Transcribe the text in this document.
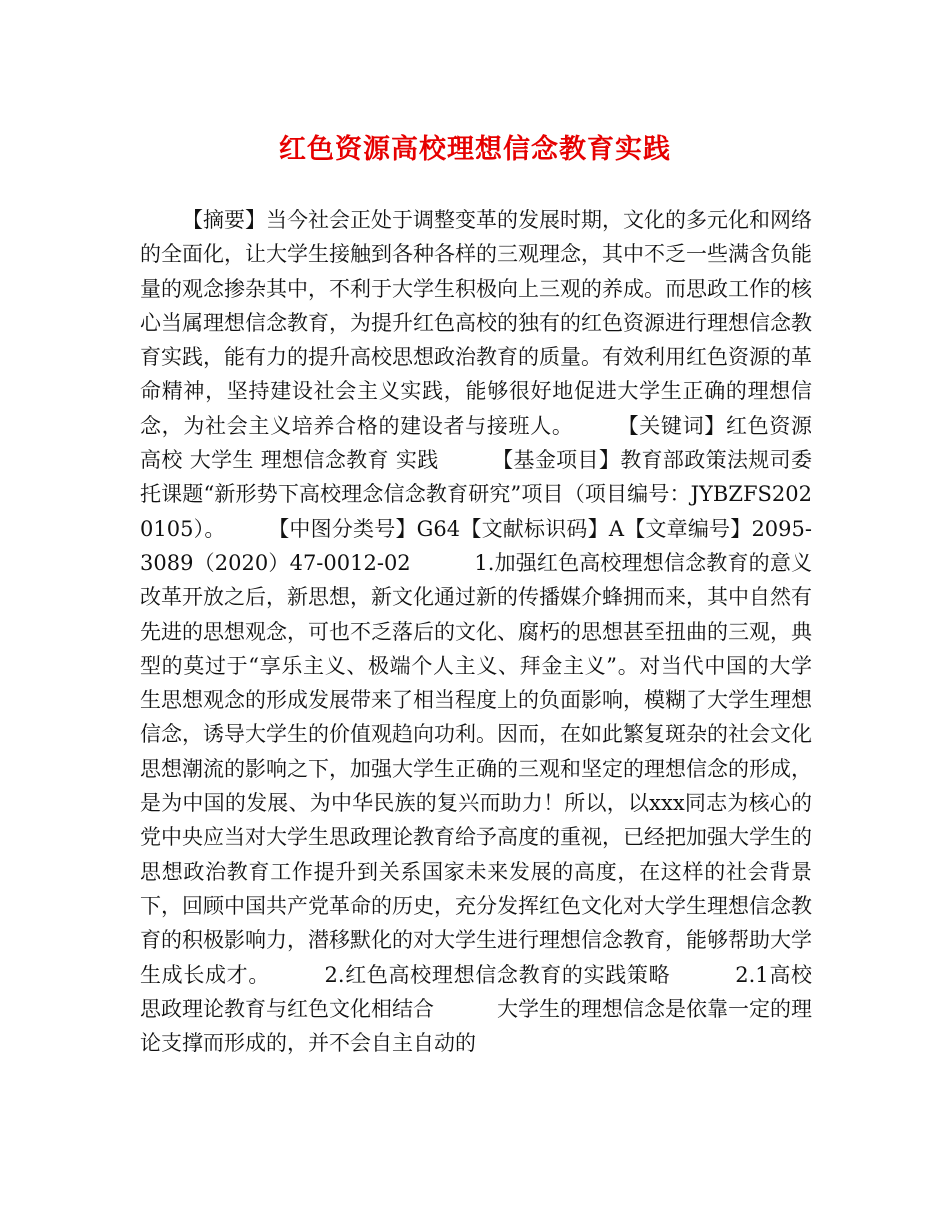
红色资源高校理想信念教育实践

【摘要】当今社会正处于调整变革的发展时期，文化的多元化和网络的全面化，让大学生接触到各种各样的三观理念，其中不乏一些满含负能量的观念掺杂其中，不利于大学生积极向上三观的养成。而思政工作的核心当属理想信念教育，为提升红色高校的独有的红色资源进行理想信念教育实践，能有力的提升高校思想政治教育的质量。有效利用红色资源的革命精神，坚持建设社会主义实践，能够很好地促进大学生正确的理想信念，为社会主义培养合格的建设者与接班人。　　　【关键词】红色资源 高校 大学生 理想信念教育 实践　　　【基金项目】教育部政策法规司委托课题“新形势下高校理念信念教育研究”项目（项目编号：JYBZFS2020105）。　　　【中图分类号】G64【文献标识码】A【文章编号】2095-3089（2020）47-0012-02　　　1.加强红色高校理想信念教育的意义　　　改革开放之后，新思想，新文化通过新的传播媒介蜂拥而来，其中自然有先进的思想观念，可也不乏落后的文化、腐朽的思想甚至扭曲的三观，典型的莫过于“享乐主义、极端个人主义、拜金主义”。对当代中国的大学生思想观念的形成发展带来了相当程度上的负面影响，模糊了大学生理想信念，诱导大学生的价值观趋向功利。因而，在如此繁复斑杂的社会文化思想潮流的影响之下，加强大学生正确的三观和坚定的理想信念的形成，是为中国的发展、为中华民族的复兴而助力！所以，以xxx同志为核心的党中央应当对大学生思政理论教育给予高度的重视，已经把加强大学生的思想政治教育工作提升到关系国家未来发展的高度，在这样的社会背景下，回顾中国共产党革命的历史，充分发挥红色文化对大学生理想信念教育的积极影响力，潜移默化的对大学生进行理想信念教育，能够帮助大学生成长成才。　　　2.红色高校理想信念教育的实践策略　　　2.1高校思政理论教育与红色文化相结合　　　大学生的理想信念是依靠一定的理论支撑而形成的，并不会自主自动的
